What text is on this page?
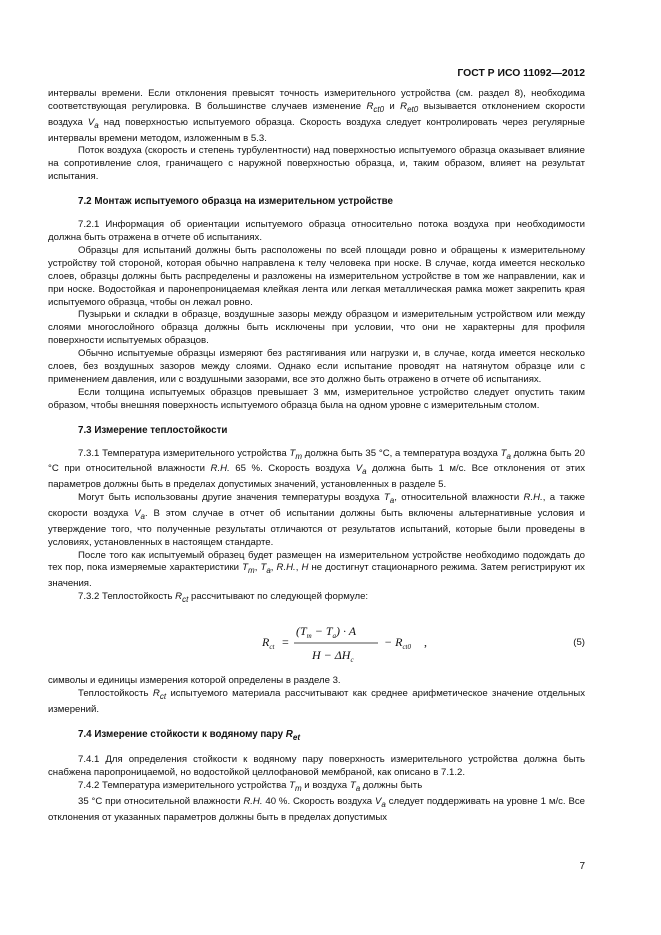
ГОСТ Р ИСО 11092—2012

интервалы времени. Если отклонения превысят точность измерительного устройства (см. раздел 8), необходима соответствующая регулировка. В большинстве случаев изменение $R_{ct0}$ и $R_{et0}$ вызывается отклонением скорости воздуха $V_a$ над поверхностью испытуемого образца. Скорость воздуха следует контролировать через регулярные интервалы времени методом, изложенным в 5.3.

Поток воздуха (скорость и степень турбулентности) над поверхностью испытуемого образца оказывает влияние на сопротивление слоя, граничащего с наружной поверхностью образца, и, таким образом, влияет на результат испытания.

7.2 Монтаж испытуемого образца на измерительном устройстве

7.2.1 Информация об ориентации испытуемого образца относительно потока воздуха при необходимости должна быть отражена в отчете об испытаниях.

Образцы для испытаний должны быть расположены по всей площади ровно и обращены к измерительному устройству той стороной, которая обычно направлена к телу человека при носке. В случае, когда имеется несколько слоев, образцы должны быть распределены и разложены на измерительном устройстве в том же направлении, как и при носке. Водостойкая и паронепроницаемая клейкая лента или легкая металлическая рамка может закрепить края испытуемого образца, чтобы он лежал ровно.

Пузырьки и складки в образце, воздушные зазоры между образцом и измерительным устройством или между слоями многослойного образца должны быть исключены при условии, что они не характерны для профиля поверхности испытуемых образцов.

Обычно испытуемые образцы измеряют без растягивания или нагрузки и, в случае, когда имеется несколько слоев, без воздушных зазоров между слоями. Однако если испытание проводят на натянутом образце или с применением давления, или с воздушными зазорами, все это должно быть отражено в отчете об испытаниях.

Если толщина испытуемых образцов превышает 3 мм, измерительное устройство следует опустить таким образом, чтобы внешняя поверхность испытуемого образца была на одном уровне с измерительным столом.

7.3 Измерение теплостойкости

7.3.1 Температура измерительного устройства $T_m$ должна быть 35 °C, а температура воздуха $T_a$ должна быть 20 °C при относительной влажности R.H. 65 %. Скорость воздуха $V_a$ должна быть 1 м/с. Все отклонения от этих параметров должны быть в пределах допустимых значений, установленных в разделе 5.

Могут быть использованы другие значения температуры воздуха $T_a$, относительной влажности R.H., а также скорости воздуха $V_a$. В этом случае в отчет об испытании должны быть включены альтернативные условия и утверждение того, что полученные результаты отличаются от результатов испытаний, которые были проведены в условиях, установленных в настоящем стандарте.

После того как испытуемый образец будет размещен на измерительном устройстве необходимо подождать до тех пор, пока измеряемые характеристики $T_m$, $T_a$, R.H., H не достигнут стационарного режима. Затем регистрируют их значения.

7.3.2 Теплостойкость $R_{ct}$ рассчитывают по следующей формуле:

$R_{ct}$ =
$(T_m - T_a) \cdot A$
$H - \Delta H_c$
− $R_{ct0}$ ,	(5)

символы и единицы измерения которой определены в разделе 3.

Теплостойкость $R_{ct}$ испытуемого материала рассчитывают как среднее арифметическое значение отдельных измерений.

7.4 Измерение стойкости к водяному пару $R_{et}$

7.4.1 Для определения стойкости к водяному пару поверхность измерительного устройства должна быть снабжена паропроницаемой, но водостойкой целлофановой мембраной, как описано в 7.1.2.

7.4.2 Температура измерительного устройства $T_m$ и воздуха $T_a$ должны быть

35 °C при относительной влажности R.H. 40 %. Скорость воздуха $V_a$ следует поддерживать на уровне 1 м/с. Все отклонения от указанных параметров должны быть в пределах допустимых

7
